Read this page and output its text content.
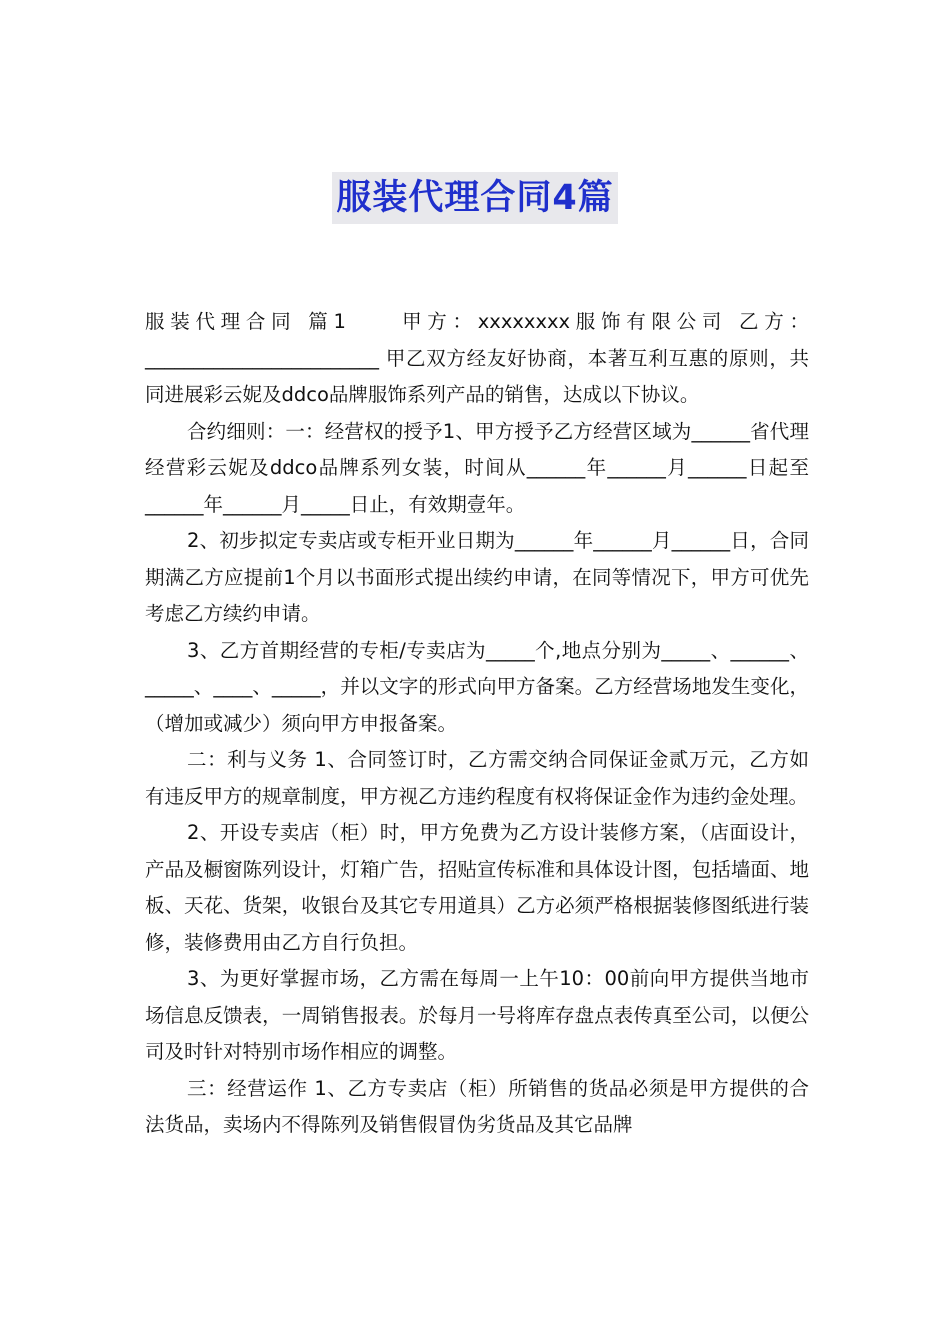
服装代理合同4篇

服装代理合同 篇1　　甲方：xxxxxxxx服饰有限公司 乙方：________________________ 甲乙双方经友好协商，本著互利互惠的原则，共同进展彩云妮及ddco品牌服饰系列产品的销售，达成以下协议。

合约细则：一：经营权的授予1、甲方授予乙方经营区域为______省代理经营彩云妮及ddco品牌系列女装，时间从______年______月______日起至______年______月_____日止，有效期壹年。

2、初步拟定专卖店或专柜开业日期为______年______月______日，合同期满乙方应提前1个月以书面形式提出续约申请，在同等情况下，甲方可优先考虑乙方续约申请。

3、乙方首期经营的专柜/专卖店为_____个,地点分别为_____、______、_____、____、_____，并以文字的形式向甲方备案。乙方经营场地发生变化，（增加或减少）须向甲方申报备案。

二：利与义务 1、合同签订时，乙方需交纳合同保证金贰万元，乙方如有违反甲方的规章制度，甲方视乙方违约程度有权将保证金作为违约金处理。

2、开设专卖店（柜）时，甲方免费为乙方设计装修方案，（店面设计，产品及橱窗陈列设计，灯箱广告，招贴宣传标准和具体设计图，包括墙面、地板、天花、货架，收银台及其它专用道具）乙方必须严格根据装修图纸进行装修，装修费用由乙方自行负担。

3、为更好掌握市场，乙方需在每周一上午10：00前向甲方提供当地市场信息反馈表，一周销售报表。於每月一号将库存盘点表传真至公司，以便公司及时针对特别市场作相应的调整。

三：经营运作 1、乙方专卖店（柜）所销售的货品必须是甲方提供的合法货品，卖场内不得陈列及销售假冒伪劣货品及其它品牌
